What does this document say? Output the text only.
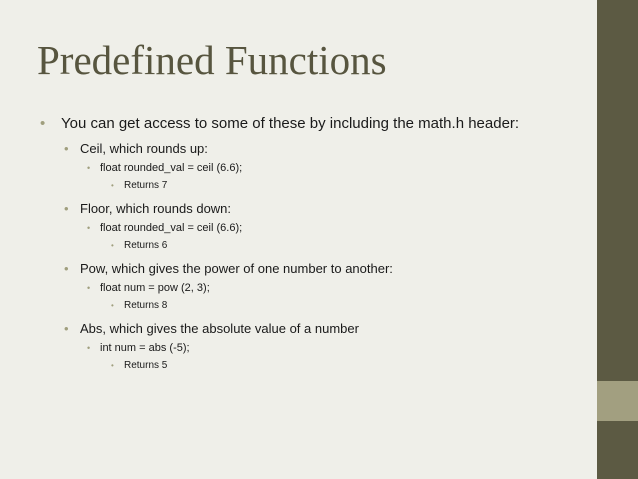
Predefined Functions
• You can get access to some of these by including the math.h header:
• Ceil, which rounds up:
• float rounded_val = ceil (6.6);
• Returns 7
• Floor, which rounds down:
• float rounded_val = ceil (6.6);
• Returns 6
• Pow, which gives the power of one number to another:
• float num = pow (2, 3);
• Returns 8
• Abs, which gives the absolute value of a number
• int num = abs (-5);
• Returns 5
